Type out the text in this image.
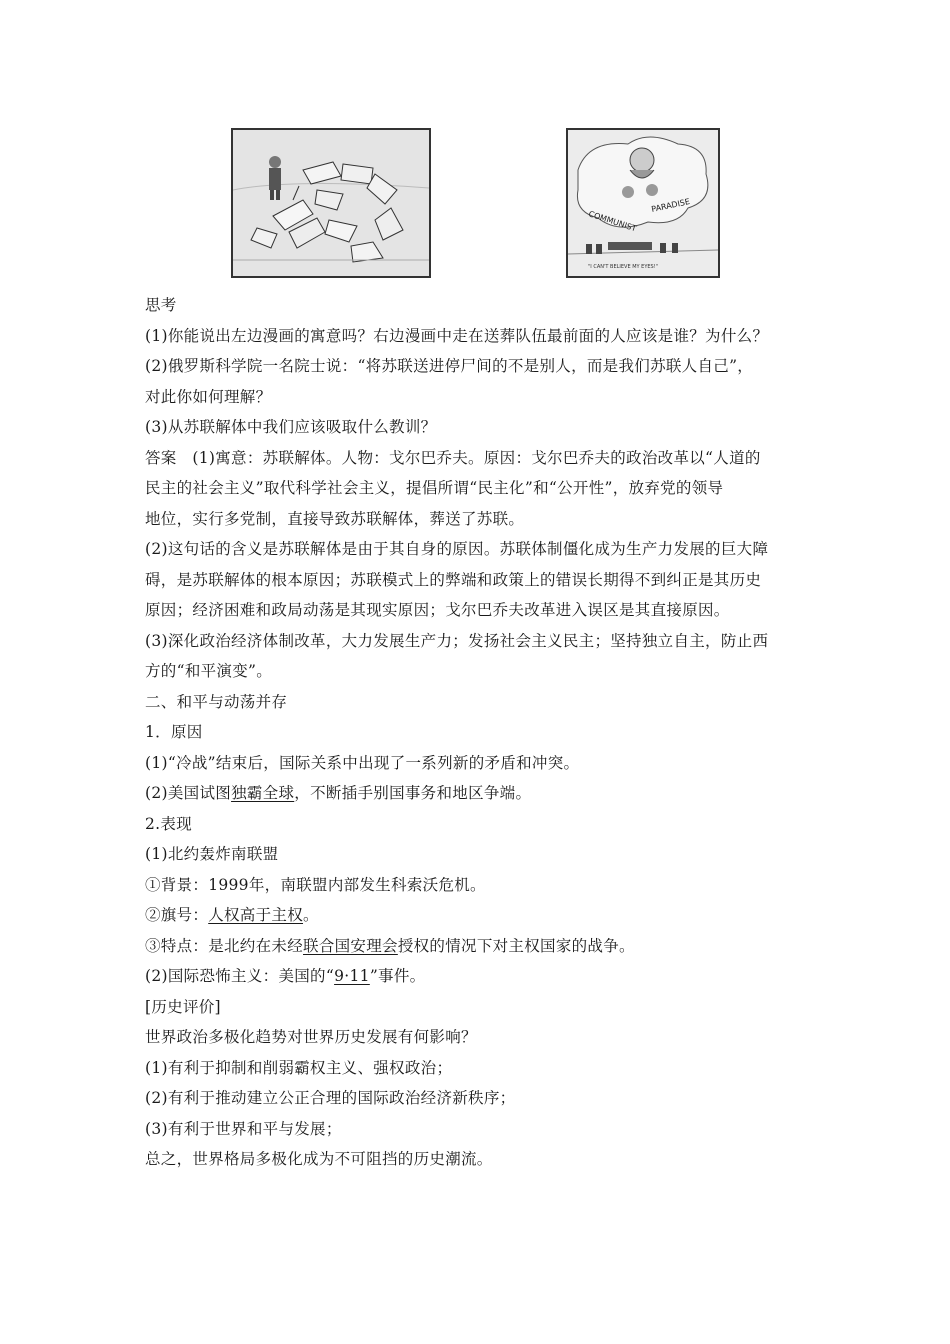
COMMUNIST
PARADISE
"I CAN'T BELIEVE MY EYES!"
思考
(1)你能说出左边漫画的寓意吗？右边漫画中走在送葬队伍最前面的人应该是谁？为什么？
(2)俄罗斯科学院一名院士说：“将苏联送进停尸间的不是别人，而是我们苏联人自己”，
对此你如何理解？
(3)从苏联解体中我们应该吸取什么教训？
答案　(1)寓意：苏联解体。人物：戈尔巴乔夫。原因：戈尔巴乔夫的政治改革以“人道的
民主的社会主义”取代科学社会主义，提倡所谓“民主化”和“公开性”，放弃党的领导
地位，实行多党制，直接导致苏联解体，葬送了苏联。
(2)这句话的含义是苏联解体是由于其自身的原因。苏联体制僵化成为生产力发展的巨大障
碍，是苏联解体的根本原因；苏联模式上的弊端和政策上的错误长期得不到纠正是其历史
原因；经济困难和政局动荡是其现实原因；戈尔巴乔夫改革进入误区是其直接原因。
(3)深化政治经济体制改革，大力发展生产力；发扬社会主义民主；坚持独立自主，防止西
方的“和平演变”。
二、和平与动荡并存
1．原因
(1)“冷战”结束后，国际关系中出现了一系列新的矛盾和冲突。
(2)美国试图独霸全球，不断插手别国事务和地区争端。
2.表现
(1)北约轰炸南联盟
①背景：1999年，南联盟内部发生科索沃危机。
②旗号：人权高于主权。
③特点：是北约在未经联合国安理会授权的情况下对主权国家的战争。
(2)国际恐怖主义：美国的“9·11”事件。
[历史评价]
世界政治多极化趋势对世界历史发展有何影响？
(1)有利于抑制和削弱霸权主义、强权政治；
(2)有利于推动建立公正合理的国际政治经济新秩序；
(3)有利于世界和平与发展；
总之，世界格局多极化成为不可阻挡的历史潮流。
